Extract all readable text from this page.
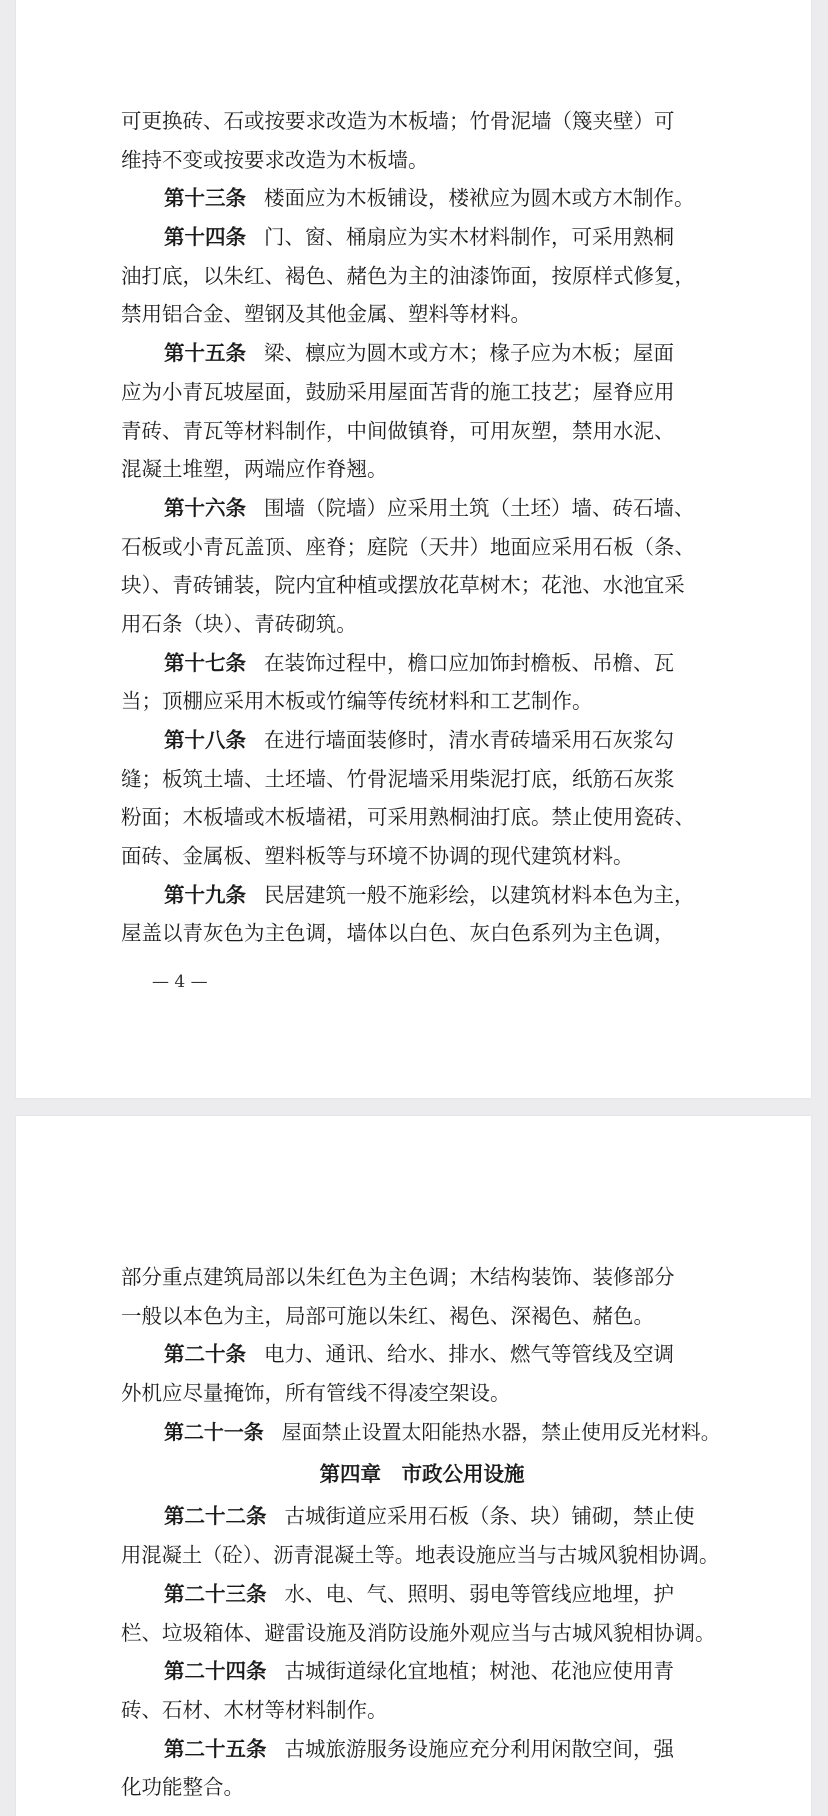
可更换砖、石或按要求改造为木板墙；竹骨泥墙（篾夹壁）可
维持不变或按要求改造为木板墙。
第十三条 楼面应为木板铺设，楼袱应为圆木或方木制作。
第十四条 门、窗、桶扇应为实木材料制作，可采用熟桐
油打底，以朱红、褐色、赭色为主的油漆饰面，按原样式修复，
禁用铝合金、塑钢及其他金属、塑料等材料。
第十五条 梁、檩应为圆木或方木；椽子应为木板；屋面
应为小青瓦坡屋面，鼓励采用屋面苫背的施工技艺；屋脊应用
青砖、青瓦等材料制作，中间做镇脊，可用灰塑，禁用水泥、
混凝土堆塑，两端应作脊翘。
第十六条 围墙（院墙）应采用土筑（土坯）墙、砖石墙、
石板或小青瓦盖顶、座脊；庭院（天井）地面应采用石板（条、
块）、青砖铺装，院内宜种植或摆放花草树木；花池、水池宜采
用石条（块）、青砖砌筑。
第十七条 在装饰过程中，檐口应加饰封檐板、吊檐、瓦
当；顶棚应采用木板或竹编等传统材料和工艺制作。
第十八条 在进行墙面装修时，清水青砖墙采用石灰浆勾
缝；板筑土墙、土坯墙、竹骨泥墙采用柴泥打底，纸筋石灰浆
粉面；木板墙或木板墙裙，可采用熟桐油打底。禁止使用瓷砖、
面砖、金属板、塑料板等与环境不协调的现代建筑材料。
第十九条 民居建筑一般不施彩绘，以建筑材料本色为主，
屋盖以青灰色为主色调，墙体以白色、灰白色系列为主色调，
— 4 —
部分重点建筑局部以朱红色为主色调；木结构装饰、装修部分
一般以本色为主，局部可施以朱红、褐色、深褐色、赭色。
第二十条 电力、通讯、给水、排水、燃气等管线及空调
外机应尽量掩饰，所有管线不得凌空架设。
第二十一条 屋面禁止设置太阳能热水器，禁止使用反光材料。
第四章　市政公用设施
第二十二条 古城街道应采用石板（条、块）铺砌，禁止使
用混凝土（砼）、沥青混凝土等。地表设施应当与古城风貌相协调。
第二十三条 水、电、气、照明、弱电等管线应地埋，护
栏、垃圾箱体、避雷设施及消防设施外观应当与古城风貌相协调。
第二十四条 古城街道绿化宜地植；树池、花池应使用青
砖、石材、木材等材料制作。
第二十五条 古城旅游服务设施应充分利用闲散空间，强
化功能整合。
